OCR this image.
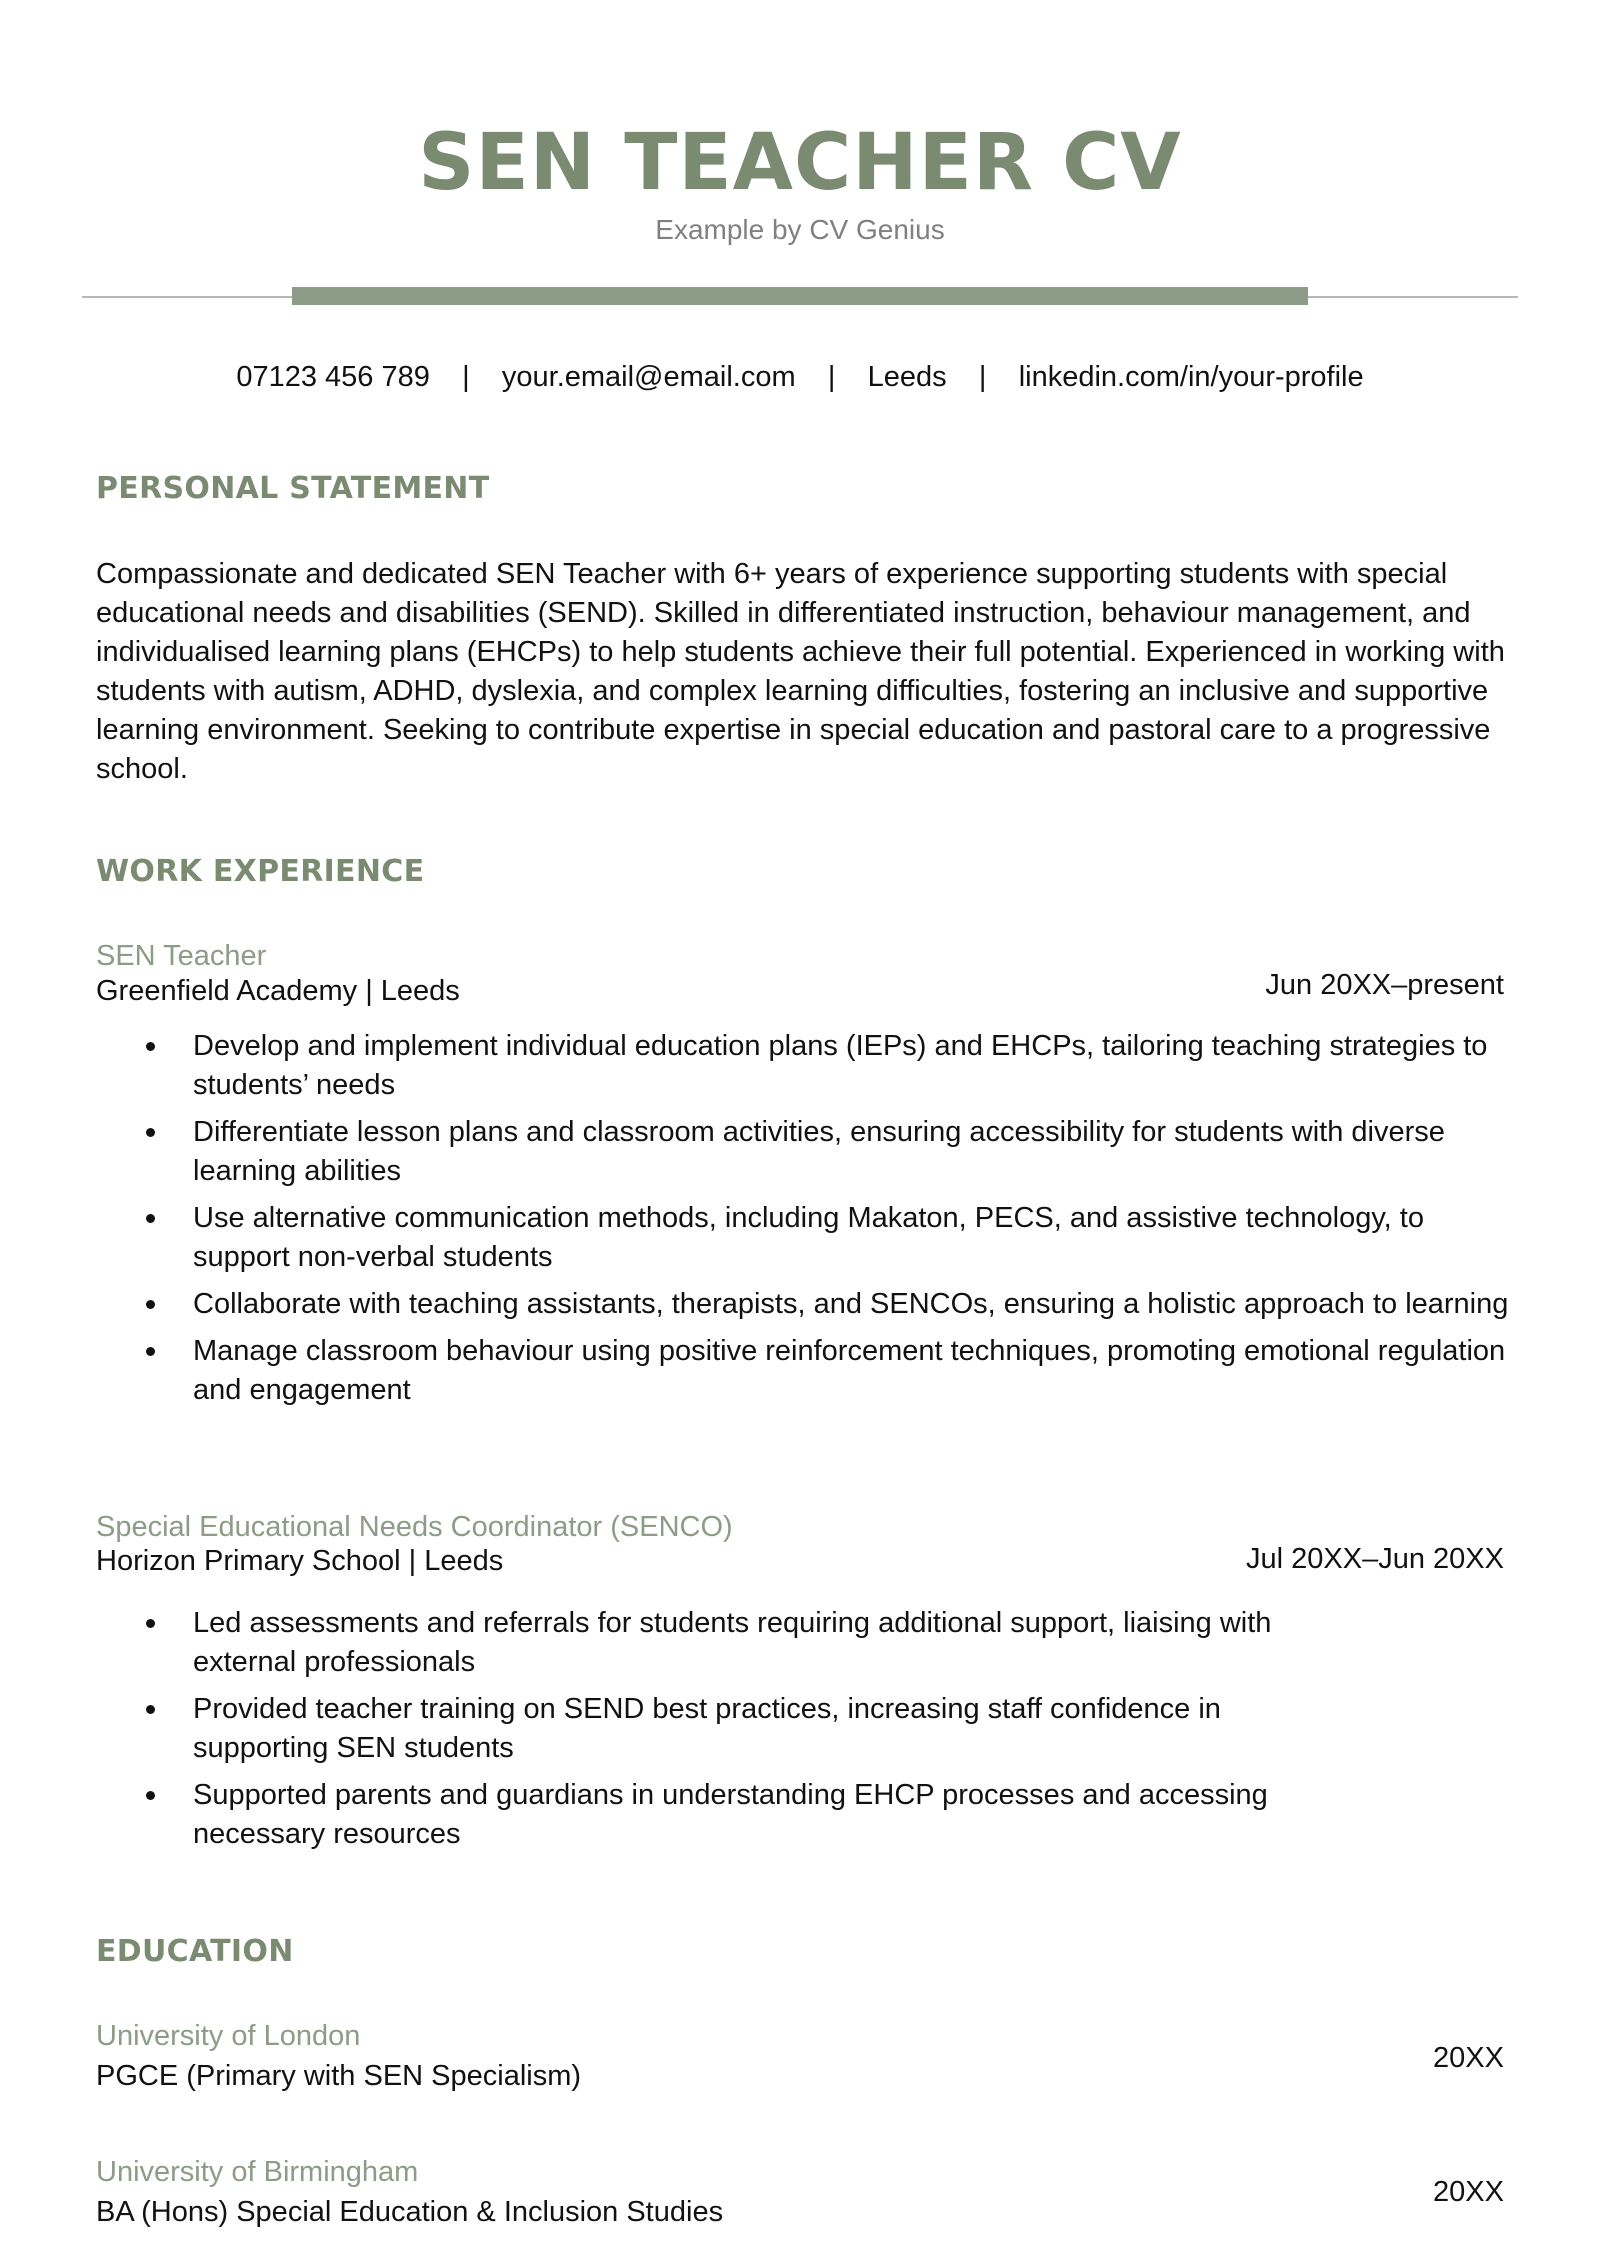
SEN TEACHER CV
Example by CV Genius
07123 456 789 | your.email@email.com | Leeds | linkedin.com/in/your-profile
PERSONAL STATEMENT
Compassionate and dedicated SEN Teacher with 6+ years of experience supporting students with special educational needs and disabilities (SEND). Skilled in differentiated instruction, behaviour management, and individualised learning plans (EHCPs) to help students achieve their full potential. Experienced in working with students with autism, ADHD, dyslexia, and complex learning difficulties, fostering an inclusive and supportive learning environment. Seeking to contribute expertise in special education and pastoral care to a progressive school.
WORK EXPERIENCE
SEN Teacher
Greenfield Academy | Leeds	Jun 20XX–present
Develop and implement individual education plans (IEPs) and EHCPs, tailoring teaching strategies to students’ needs
Differentiate lesson plans and classroom activities, ensuring accessibility for students with diverse learning abilities
Use alternative communication methods, including Makaton, PECS, and assistive technology, to support non-verbal students
Collaborate with teaching assistants, therapists, and SENCOs, ensuring a holistic approach to learning
Manage classroom behaviour using positive reinforcement techniques, promoting emotional regulation and engagement
Special Educational Needs Coordinator (SENCO)
Horizon Primary School | Leeds	Jul 20XX–Jun 20XX
Led assessments and referrals for students requiring additional support, liaising with external professionals
Provided teacher training on SEND best practices, increasing staff confidence in supporting SEN students
Supported parents and guardians in understanding EHCP processes and accessing necessary resources
EDUCATION
University of London
PGCE (Primary with SEN Specialism)
20XX
University of Birmingham
BA (Hons) Special Education & Inclusion Studies
20XX
